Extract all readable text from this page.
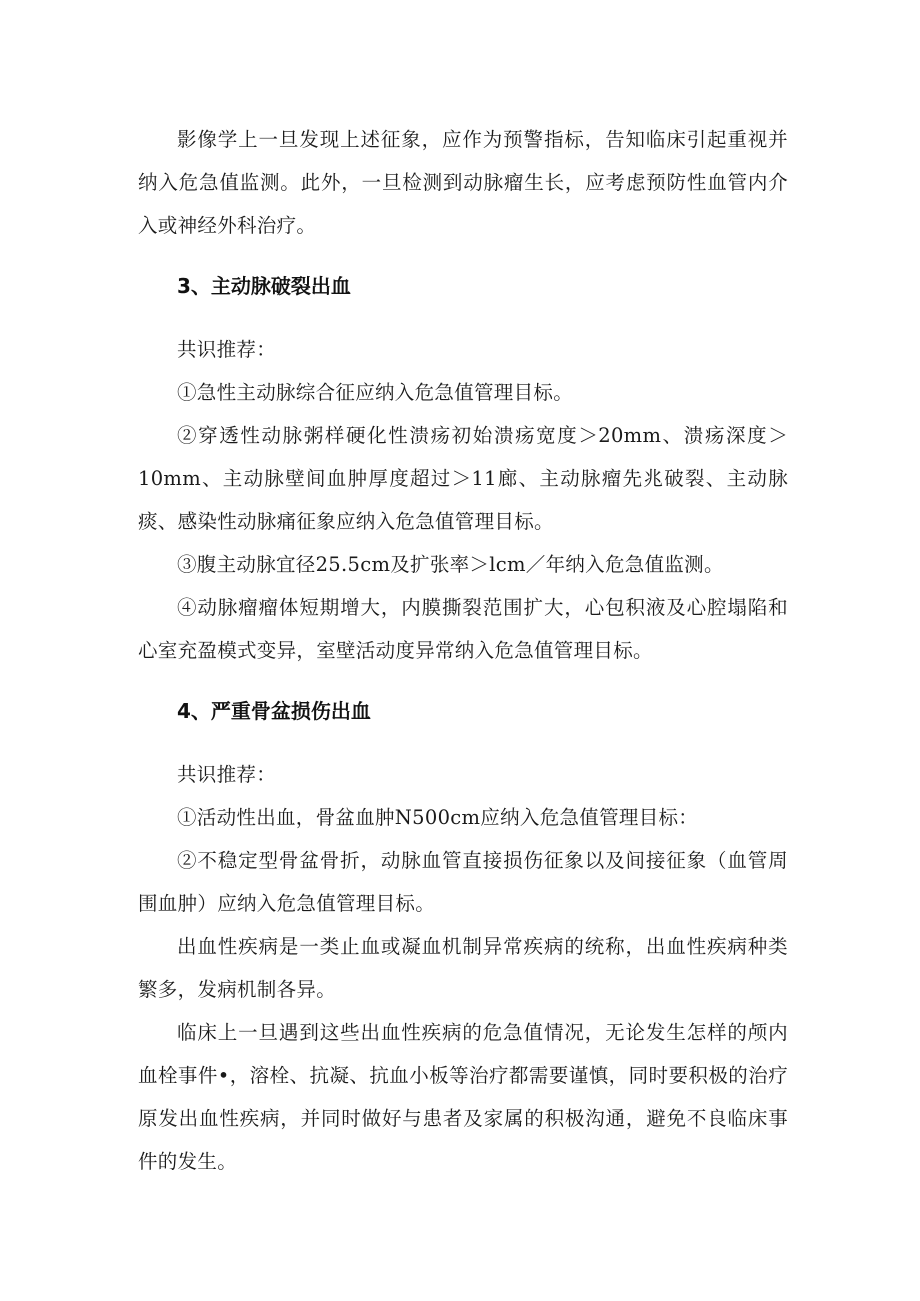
影像学上一旦发现上述征象，应作为预警指标，告知临床引起重视并纳入危急值监测。此外，一旦检测到动脉瘤生长，应考虑预防性血管内介入或神经外科治疗。

3、主动脉破裂出血

共识推荐：

①急性主动脉综合征应纳入危急值管理目标。

②穿透性动脉粥样硬化性溃疡初始溃疡宽度＞20mm、溃疡深度＞10mm、主动脉壁间血肿厚度超过＞11廊、主动脉瘤先兆破裂、主动脉痰、感染性动脉痛征象应纳入危急值管理目标。

③腹主动脉宜径25.5cm及扩张率＞lcm／年纳入危急值监测。

④动脉瘤瘤体短期增大，内膜撕裂范围扩大，心包积液及心腔塌陷和心室充盈模式变异，室壁活动度异常纳入危急值管理目标。

4、严重骨盆损伤出血

共识推荐：

①活动性出血，骨盆血肿N500cm应纳入危急值管理目标：

②不稳定型骨盆骨折，动脉血管直接损伤征象以及间接征象（血管周围血肿）应纳入危急值管理目标。

出血性疾病是一类止血或凝血机制异常疾病的统称，出血性疾病种类繁多，发病机制各异。

临床上一旦遇到这些出血性疾病的危急值情况，无论发生怎样的颅内血栓事件•，溶栓、抗凝、抗血小板等治疗都需要谨慎，同时要积极的治疗原发出血性疾病，并同时做好与患者及家属的积极沟通，避免不良临床事件的发生。
